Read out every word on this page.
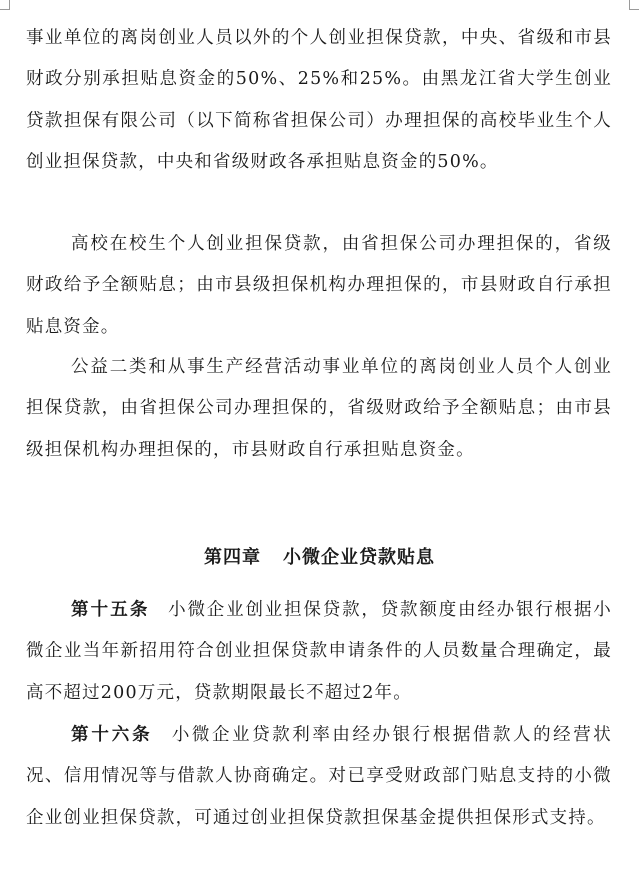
事业单位的离岗创业人员以外的个人创业担保贷款，中央、省级和市县财政分别承担贴息资金的50%、25%和25%。由黑龙江省大学生创业贷款担保有限公司（以下简称省担保公司）办理担保的高校毕业生个人创业担保贷款，中央和省级财政各承担贴息资金的50%。

高校在校生个人创业担保贷款，由省担保公司办理担保的，省级财政给予全额贴息；由市县级担保机构办理担保的，市县财政自行承担贴息资金。

公益二类和从事生产经营活动事业单位的离岗创业人员个人创业担保贷款，由省担保公司办理担保的，省级财政给予全额贴息；由市县级担保机构办理担保的，市县财政自行承担贴息资金。

第四章 小微企业贷款贴息

第十五条 小微企业创业担保贷款，贷款额度由经办银行根据小微企业当年新招用符合创业担保贷款申请条件的人员数量合理确定，最高不超过200万元，贷款期限最长不超过2年。

第十六条 小微企业贷款利率由经办银行根据借款人的经营状况、信用情况等与借款人协商确定。对已享受财政部门贴息支持的小微企业创业担保贷款，可通过创业担保贷款担保基金提供担保形式支持。
